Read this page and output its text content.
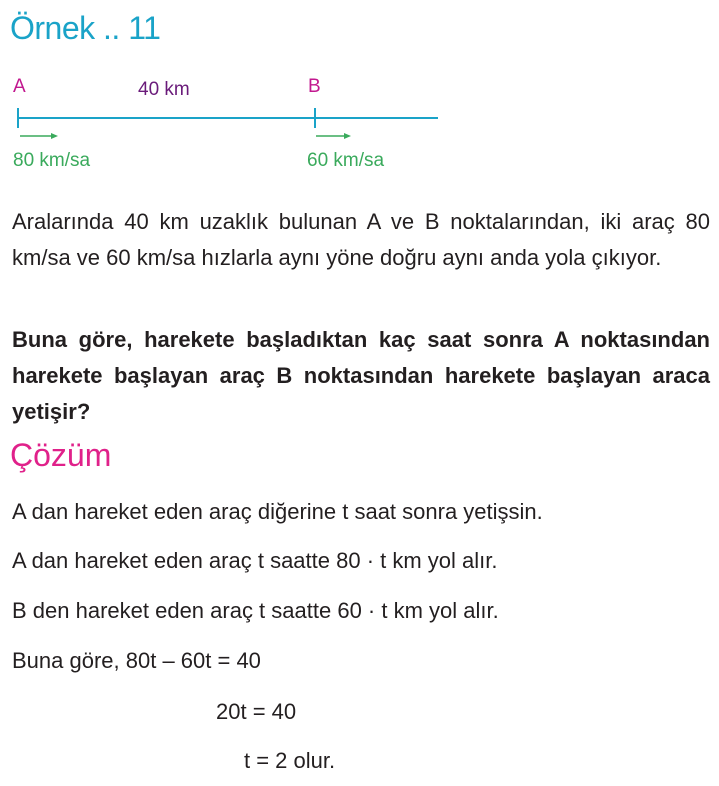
Örnek .. 11
A	40 km	B
80 km/sa	60 km/sa
Aralarında 40 km uzaklık bulunan A ve B noktalarından, iki araç 80 km/sa ve 60 km/sa hızlarla aynı yöne doğru aynı anda yola çıkıyor.
Buna göre, harekete başladıktan kaç saat sonra A noktasından harekete başlayan araç B noktasından harekete başlayan araca yetişir?
Çözüm
A dan hareket eden araç diğerine t saat sonra yetişsin.
A dan hareket eden araç t saatte 80 · t km yol alır.
B den hareket eden araç t saatte 60 · t km yol alır.
Buna göre, 80t – 60t = 40
20t = 40
t = 2 olur.
